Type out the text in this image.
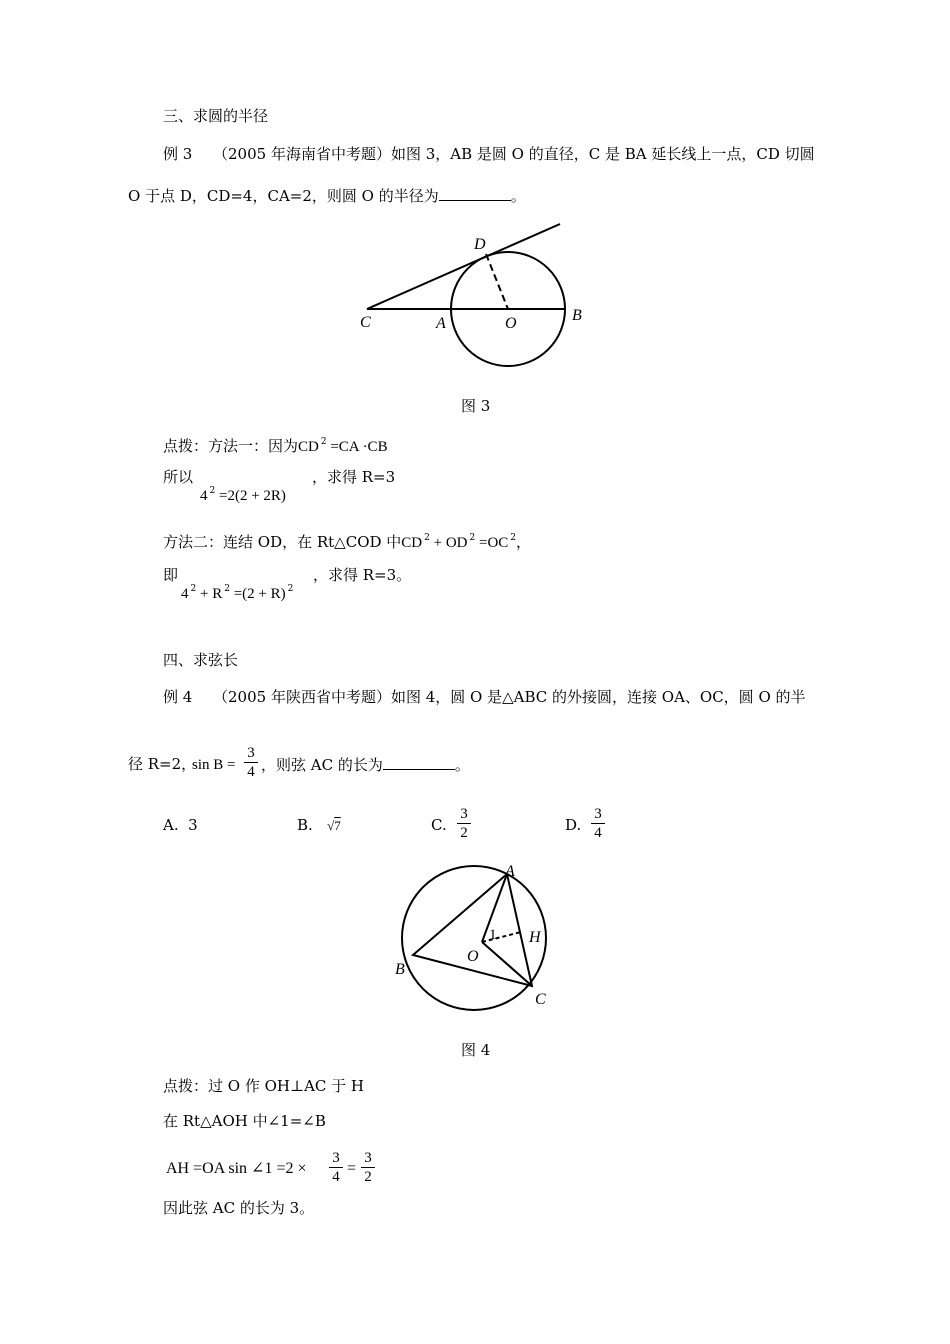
三、求圆的半径
例 3 （2005 年海南省中考题）如图 3，AB 是圆 O 的直径，C 是 BA 延长线上一点，CD 切圆
O 于点 D，CD=4，CA=2，则圆 O 的半径为	。
D
C	A	O	B
图 3
点拨：方法一：因为CD $^2$ =CA ·CB
所以
4 $^2$ =2(2 + 2R)
，求得 R=3
方法二：连结 OD，在 Rt△COD 中CD $^2$ + OD $^2$ =OC $^2$，
即
4 $^2$ + R $^2$ =(2 + R) $^2$
，求得 R=3。
四、求弦长
例 4 （2005 年陕西省中考题）如图 4，圆 O 是△ABC 的外接圆，连接 OA、OC，圆 O 的半
径 R=2，
sin B =
3
4 ，则弦 AC 的长为	。
A. 3	B. √7	C.
3
2	D.
3
4
A
B
C
O
H
1
图 4
点拨：过 O 作 OH⊥AC 于 H
在 Rt△AOH 中∠1=∠B
AH =OA sin ∠1 =2 ×
3
4 =
3
2
因此弦 AC 的长为 3。
